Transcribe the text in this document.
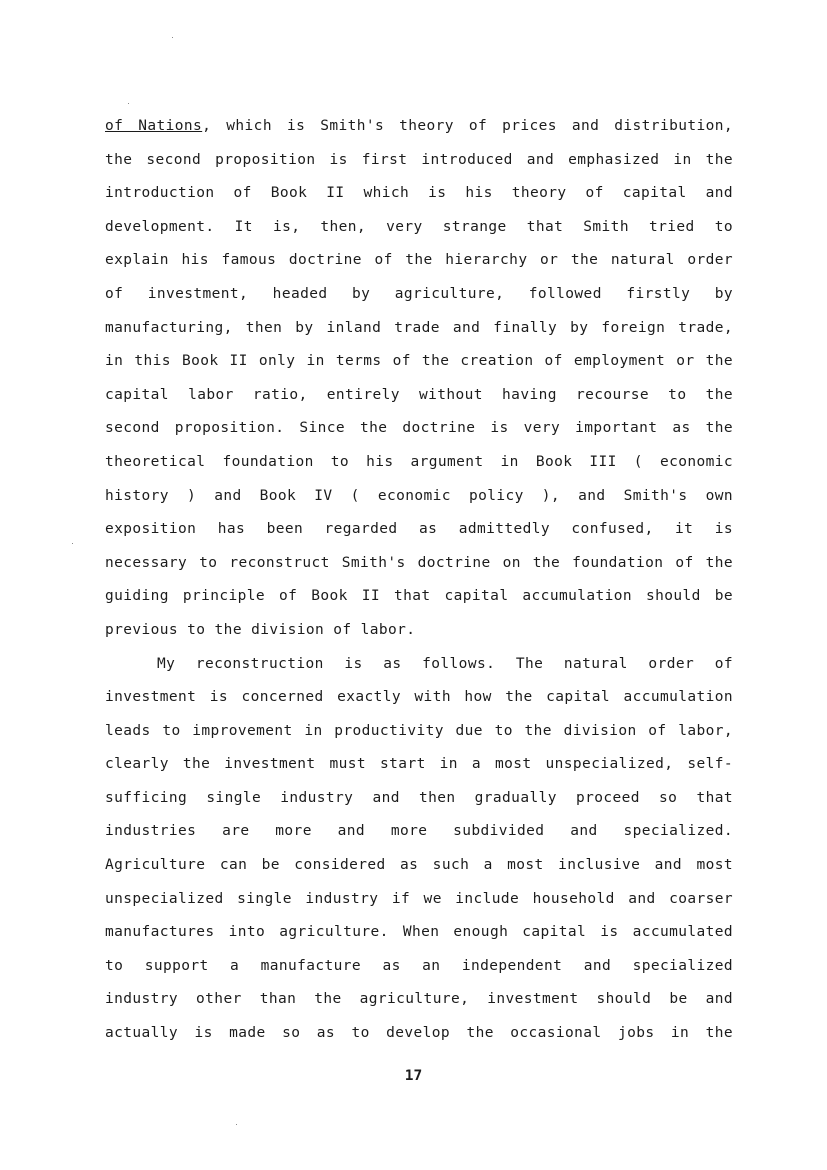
of Nations, which is Smith's theory of prices and distribution,
the second proposition is first introduced and emphasized in the
introduction of Book II which is his theory of capital and
development. It is, then, very strange that Smith tried to
explain his famous doctrine of the hierarchy or the natural order
of investment, headed by agriculture, followed firstly by
manufacturing, then by inland trade and finally by foreign trade,
in this Book II only in terms of the creation of employment or the
capital labor ratio, entirely without having recourse to the
second proposition. Since the doctrine is very important as the
theoretical foundation to his argument in Book III ( economic
history ) and Book IV ( economic policy ), and Smith's own
exposition has been regarded as admittedly confused, it is
necessary to reconstruct Smith's doctrine on the foundation of the
guiding principle of Book II that capital accumulation should be
previous to the division of labor.
My reconstruction is as follows. The natural order of
investment is concerned exactly with how the capital accumulation
leads to improvement in productivity due to the division of labor,
clearly the investment must start in a most unspecialized, self-
sufficing single industry and then gradually proceed so that
industries are more and more subdivided and specialized.
Agriculture can be considered as such a most inclusive and most
unspecialized single industry if we include household and coarser
manufactures into agriculture. When enough capital is accumulated
to support a manufacture as an independent and specialized
industry other than the agriculture, investment should be and
actually is made so as to develop the occasional jobs in the
17
